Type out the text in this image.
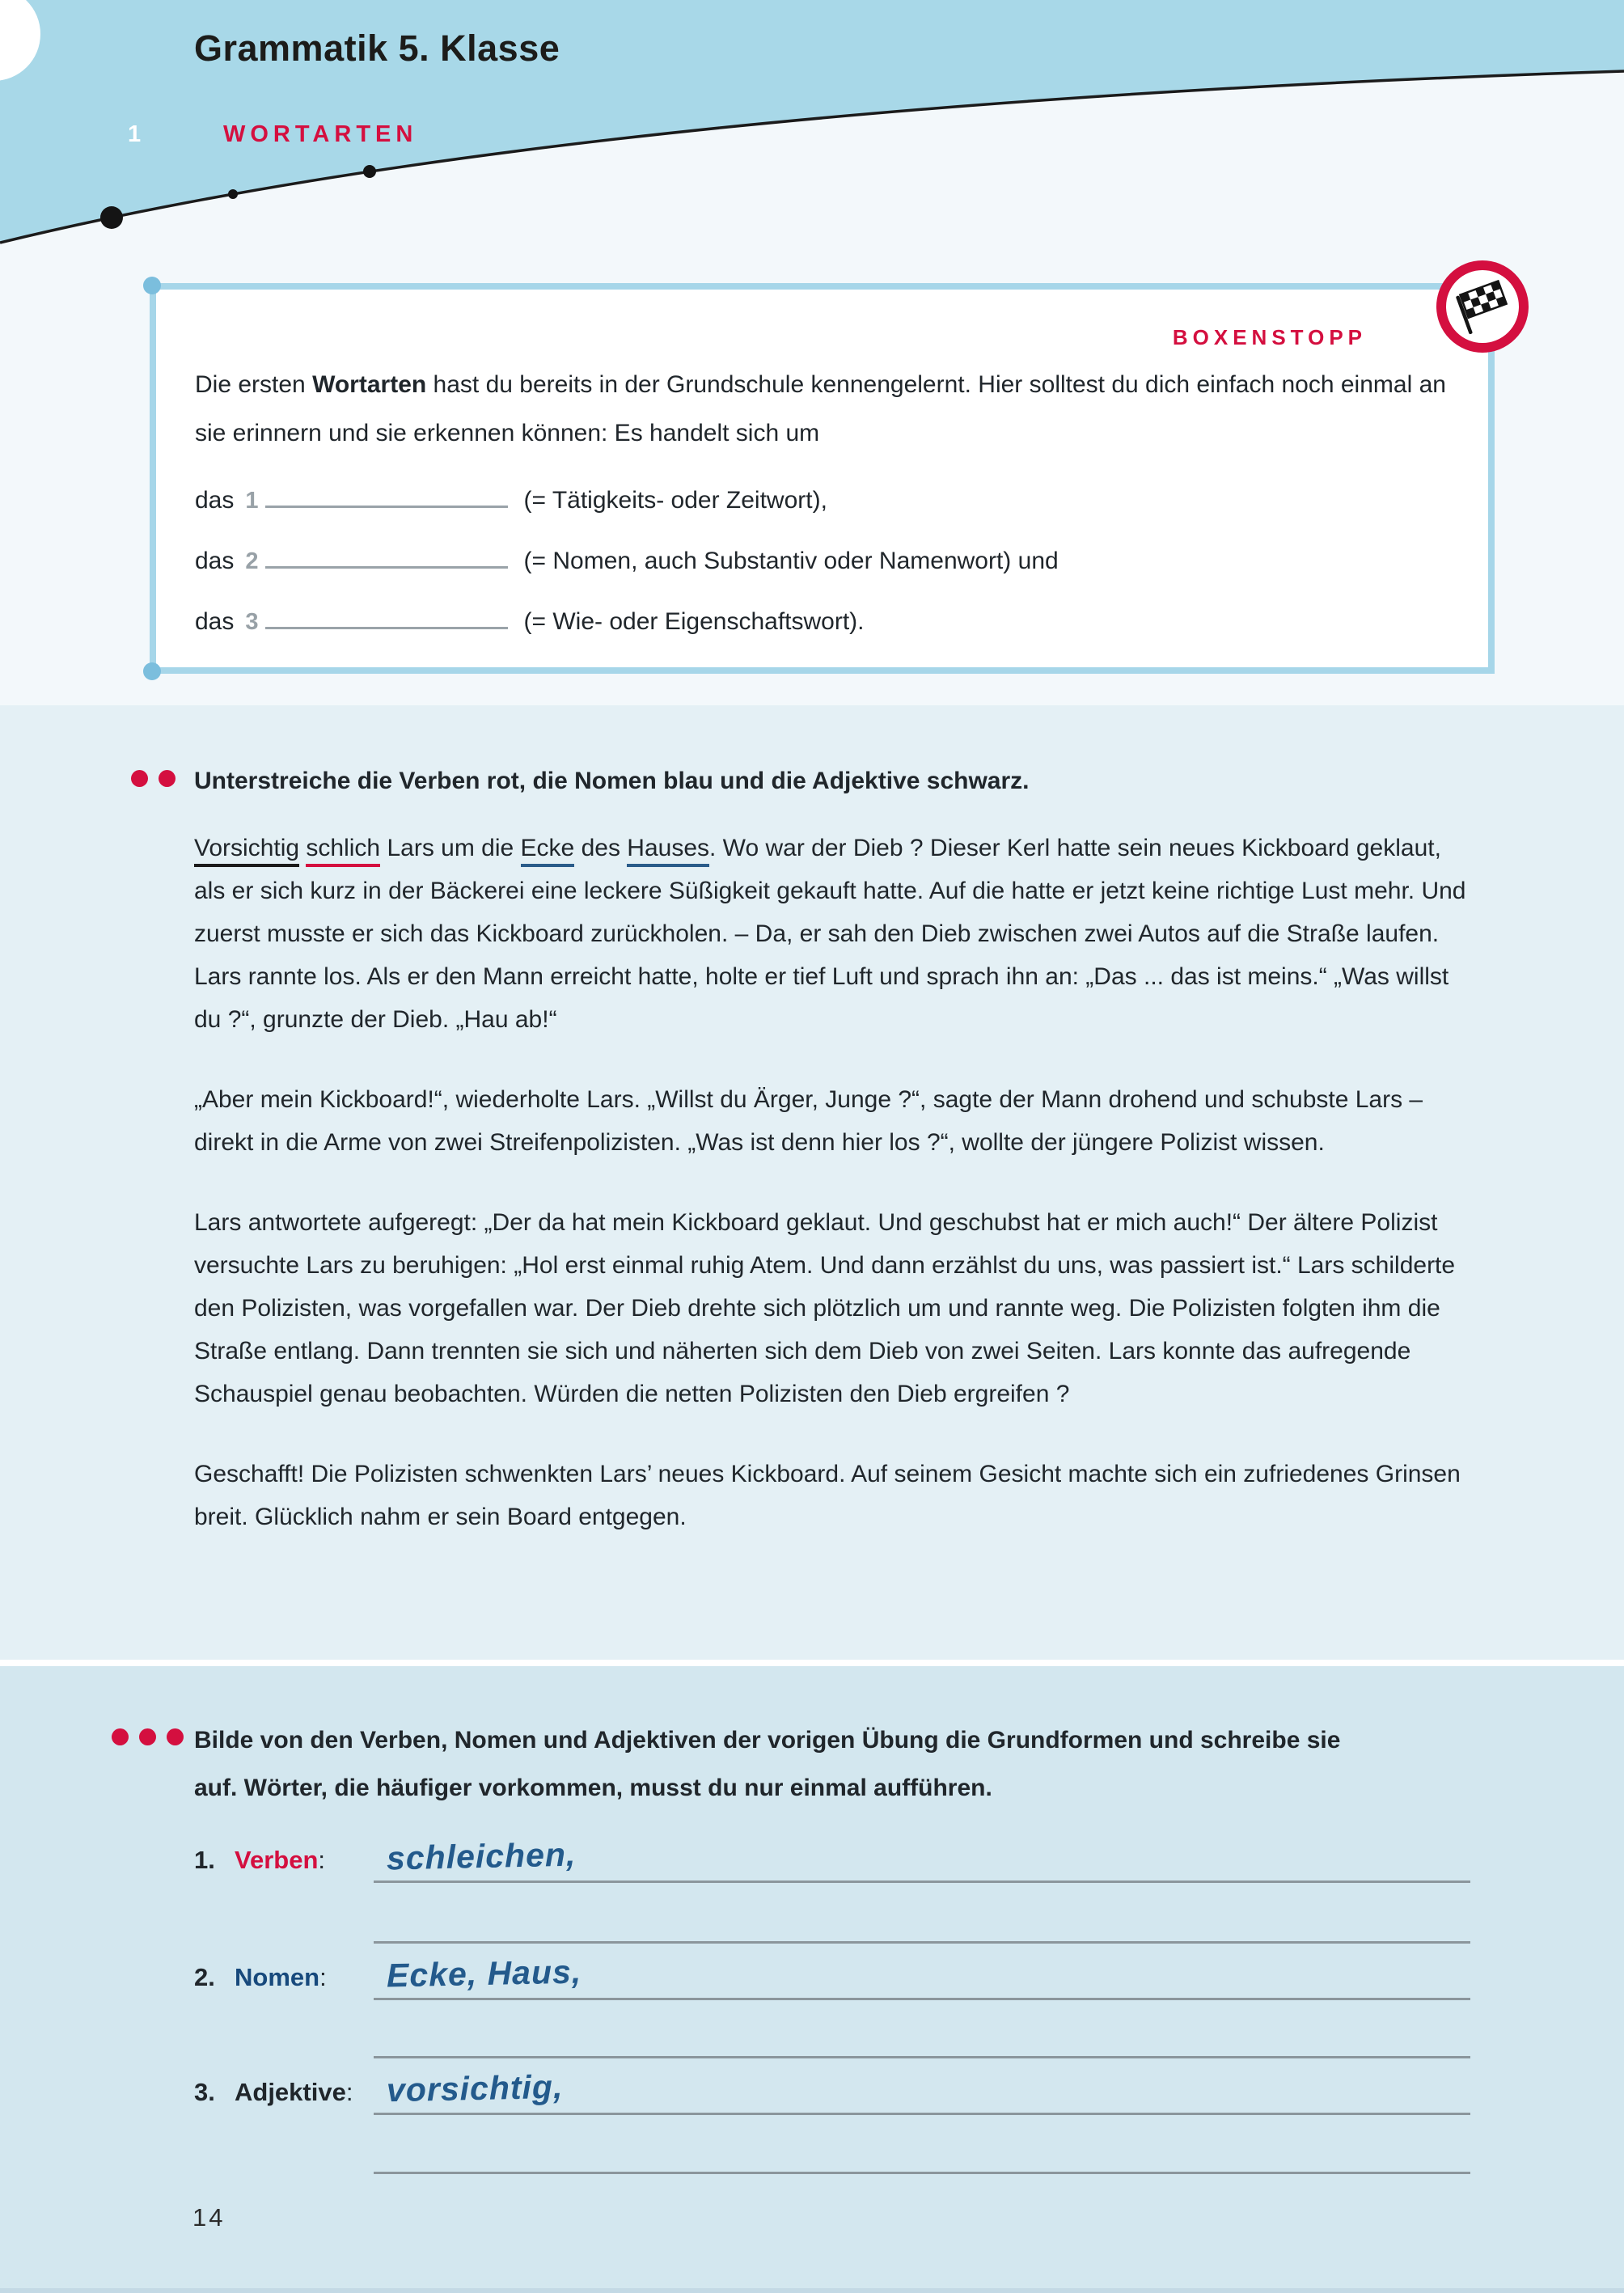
Grammatik 5. Klasse
1	WORTARTEN
BOXENSTOPP

Die ersten Wortarten hast du bereits in der Grundschule kennengelernt. Hier solltest du dich einfach noch einmal an sie erinnern und sie erkennen können: Es handelt sich um

das 1	(= Tätigkeits- oder Zeitwort),
das 2	(= Nomen, auch Substantiv oder Namenwort) und
das 3	(= Wie- oder Eigenschaftswort).
Unterstreiche die Verben rot, die Nomen blau und die Adjektive schwarz.

Vorsichtig schlich Lars um die Ecke des Hauses. Wo war der Dieb ? Dieser Kerl hatte sein neues Kickboard geklaut, als er sich kurz in der Bäckerei eine leckere Süßigkeit gekauft hatte. Auf die hatte er jetzt keine richtige Lust mehr. Und zuerst musste er sich das Kickboard zurückholen. – Da, er sah den Dieb zwischen zwei Autos auf die Straße laufen. Lars rannte los. Als er den Mann erreicht hatte, holte er tief Luft und sprach ihn an: „Das ... das ist meins.“ „Was willst du ?“, grunzte der Dieb. „Hau ab!“

„Aber mein Kickboard!“, wiederholte Lars. „Willst du Ärger, Junge ?“, sagte der Mann drohend und schubste Lars – direkt in die Arme von zwei Streifenpolizisten. „Was ist denn hier los ?“, wollte der jüngere Polizist wissen.

Lars antwortete aufgeregt: „Der da hat mein Kickboard geklaut. Und geschubst hat er mich auch!“ Der ältere Polizist versuchte Lars zu beruhigen: „Hol erst einmal ruhig Atem. Und dann erzählst du uns, was passiert ist.“ Lars schilderte den Polizisten, was vorgefallen war. Der Dieb drehte sich plötzlich um und rannte weg. Die Polizisten folgten ihm die Straße entlang. Dann trennten sie sich und näherten sich dem Dieb von zwei Seiten. Lars konnte das aufregende Schauspiel genau beobachten. Würden die netten Polizisten den Dieb ergreifen ?

Geschafft! Die Polizisten schwenkten Lars’ neues Kickboard. Auf seinem Gesicht machte sich ein zufriedenes Grinsen breit. Glücklich nahm er sein Board entgegen.

Bilde von den Verben, Nomen und Adjektiven der vorigen Übung die Grundformen und schreibe sie auf. Wörter, die häufiger vorkommen, musst du nur einmal aufführen.
1. Verben: schleichen,
2. Nomen: Ecke, Haus,
3. Adjektive: vorsichtig,
14
